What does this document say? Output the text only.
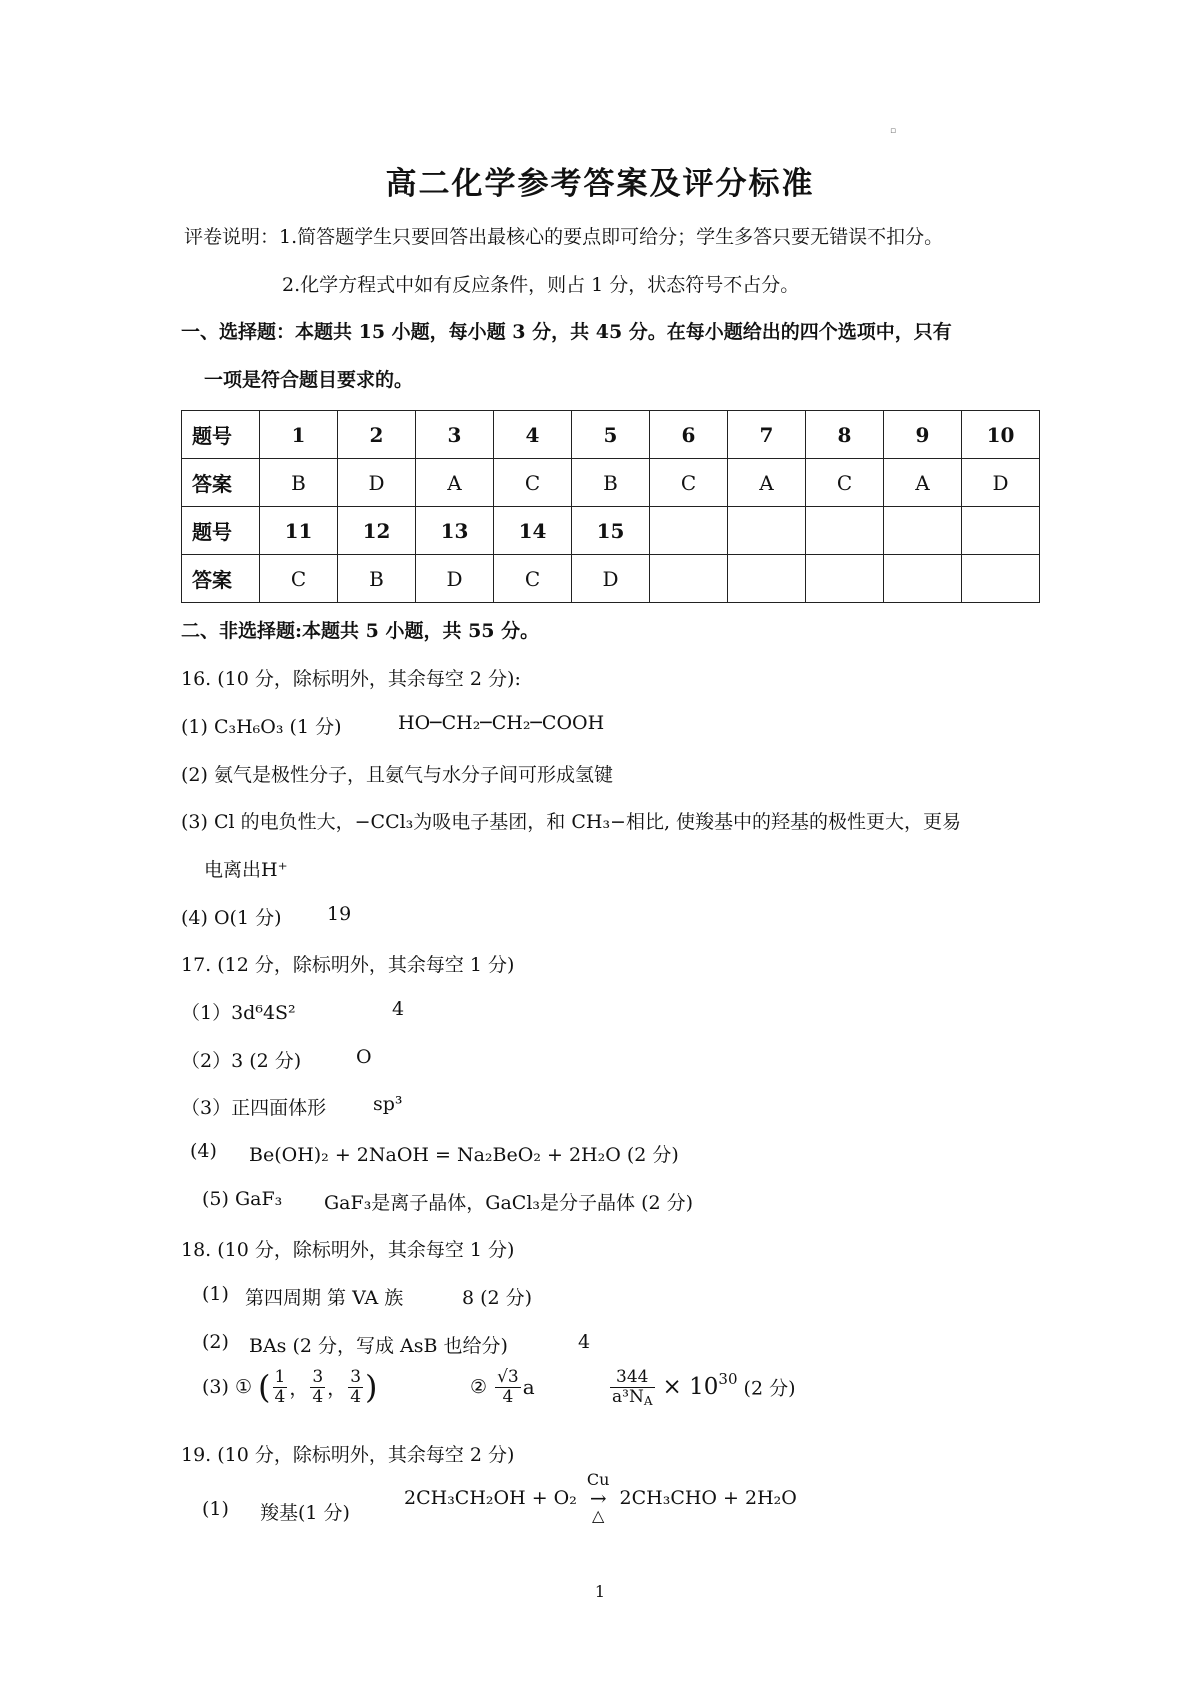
▫
高二化学参考答案及评分标准
评卷说明：1.简答题学生只要回答出最核心的要点即可给分；学生多答只要无错误不扣分。
2.化学方程式中如有反应条件，则占 1 分，状态符号不占分。
一、选择题：本题共 15 小题，每小题 3 分，共 45 分。在每小题给出的四个选项中，只有
一项是符合题目要求的。
题号	1	2	3	4	5	6	7	8	9	10
答案	B	D	A	C	B	C	A	C	A	D
题号	11	12	13	14	15					
答案	C	B	D	C	D					
二、非选择题:本题共 5 小题，共 55 分。
16. (10 分，除标明外，其余每空 2 分):
(1) C₃H₆O₃ (1 分)	HO─CH₂─CH₂─COOH
(2) 氨气是极性分子，且氨气与水分子间可形成氢键
(3) Cl 的电负性大，−CCl₃为吸电子基团，和 CH₃−相比, 使羧基中的羟基的极性更大，更易
电离出H⁺
(4) O(1 分) 19
17. (12 分，除标明外，其余每空 1 分)
（1）3d⁶4S²	4
（2）3 (2 分)	O
（3）正四面体形 sp³
(4) Be(OH)₂ + 2NaOH = Na₂BeO₂ + 2H₂O (2 分)
(5) GaF₃ GaF₃是离子晶体，GaCl₃是分子晶体 (2 分)
18. (10 分，除标明外，其余每空 1 分)
(1) 第四周期 第 VA 族	8 (2 分)
(2) BAs (2 分，写成 AsB 也给分)	4
(3) ① ( $\frac{1}{4}$ ， $\frac{3}{4}$ ， $\frac{3}{4}$ )	② $\frac{√3}{4}$ a	$\frac{344}{a^3N_A} \times 10^{30}$ (2 分)
19. (10 分，除标明外，其余每空 2 分)
(1) 羧基(1 分)
2CH₃CH₂OH + O₂
Cu
→
△
2CH₃CHO + 2H₂O
1
